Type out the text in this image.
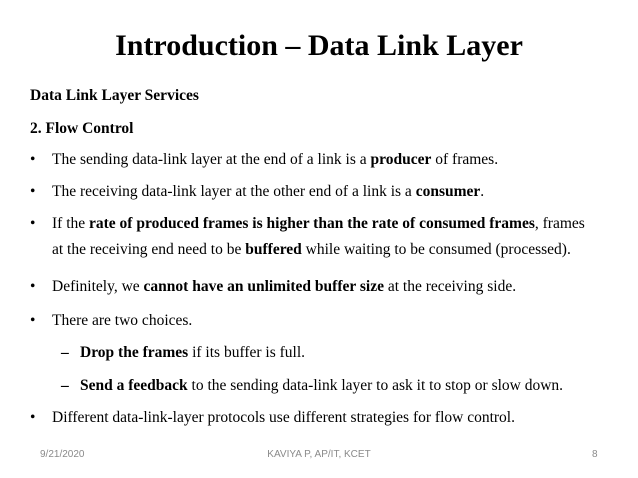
Introduction – Data Link Layer
Data Link Layer Services
2. Flow Control
• The sending data-link layer at the end of a link is a producer of frames.
• The receiving data-link layer at the other end of a link is a consumer.
• If the rate of produced frames is higher than the rate of consumed frames, frames
at the receiving end need to be buffered while waiting to be consumed (processed).
• Definitely, we cannot have an unlimited buffer size at the receiving side.
• There are two choices.
– Drop the frames if its buffer is full.
– Send a feedback to the sending data-link layer to ask it to stop or slow down.
• Different data-link-layer protocols use different strategies for flow control.
9/21/2020	KAVIYA P, AP/IT, KCET	8
